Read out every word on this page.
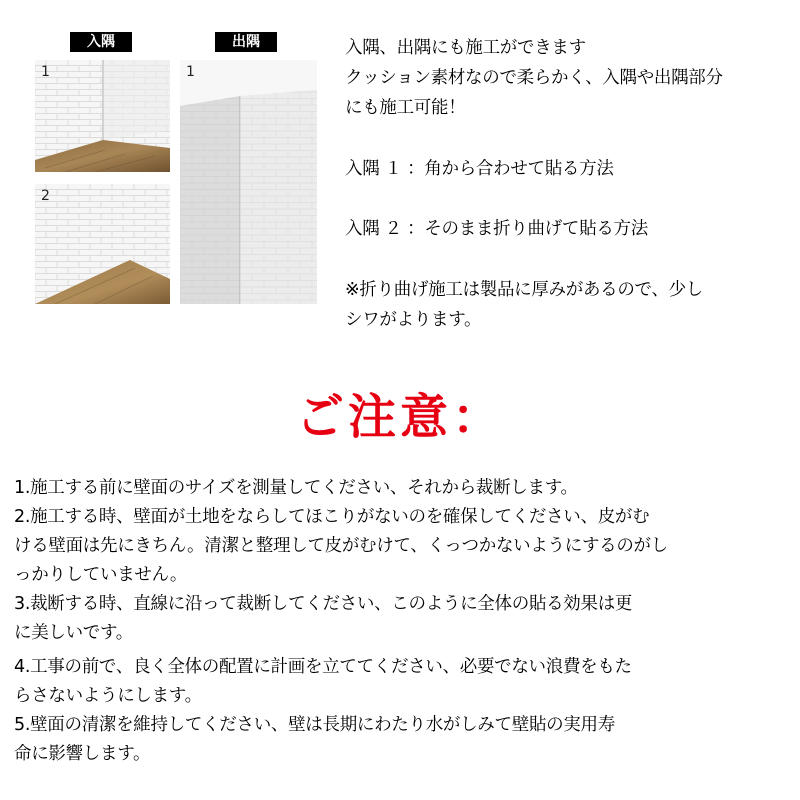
入隅	出隅
1
2
1
入隅、出隅にも施工ができます
クッション素材なので柔らかく、入隅や出隅部分
にも施工可能！
入隅 １ ：角から合わせて貼る方法
入隅 ２ ：そのまま折り曲げて貼る方法
※折り曲げ施工は製品に厚みがあるので、少し
シワがよります。
ご注意：
1.施工する前に壁面のサイズを測量してください、それから裁断します。
2.施工する時、壁面が土地をならしてほこりがないのを確保してください、皮がむ
ける壁面は先にきちん。清潔と整理して皮がむけて、くっつかないようにするのがし
っかりしていません。
3.裁断する時、直線に沿って裁断してください、このように全体の貼る効果は更
に美しいです。
4.工事の前で、良く全体の配置に計画を立ててください、必要でない浪費をもた
らさないようにします。
5.壁面の清潔を維持してください、壁は長期にわたり水がしみて壁貼の実用寿
命に影響します。
